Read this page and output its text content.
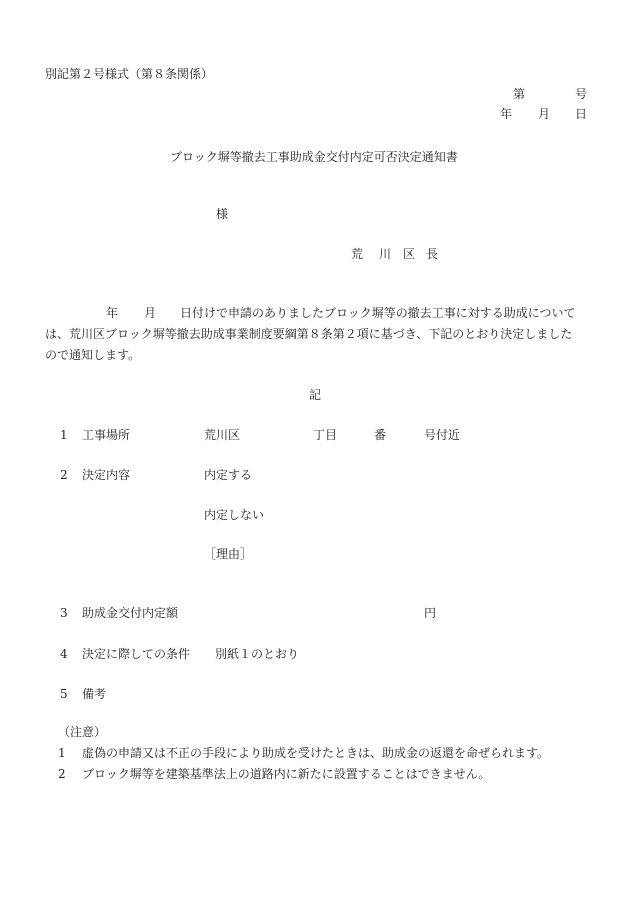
別記第２号様式（第８条関係）
第	号
年 月 日
ブロック塀等撤去工事助成金交付内定可否決定通知書
様
荒 川 区 長
年 月 日付けで申請のありましたブロック塀等の撤去工事に対する助成について
は、荒川区ブロック塀等撤去助成事業制度要綱第８条第２項に基づき、下記のとおり決定しました
ので通知します。
記
1 工事場所	荒川区	丁目	番	号付近
2 決定内容	内定する
内定しない
［理由］
3 助成金交付内定額	円
4 決定に際しての条件 別紙１のとおり
5 備考
（注意）
1 虚偽の申請又は不正の手段により助成を受けたときは、助成金の返還を命ぜられます。
2 ブロック塀等を建築基準法上の道路内に新たに設置することはできません。
